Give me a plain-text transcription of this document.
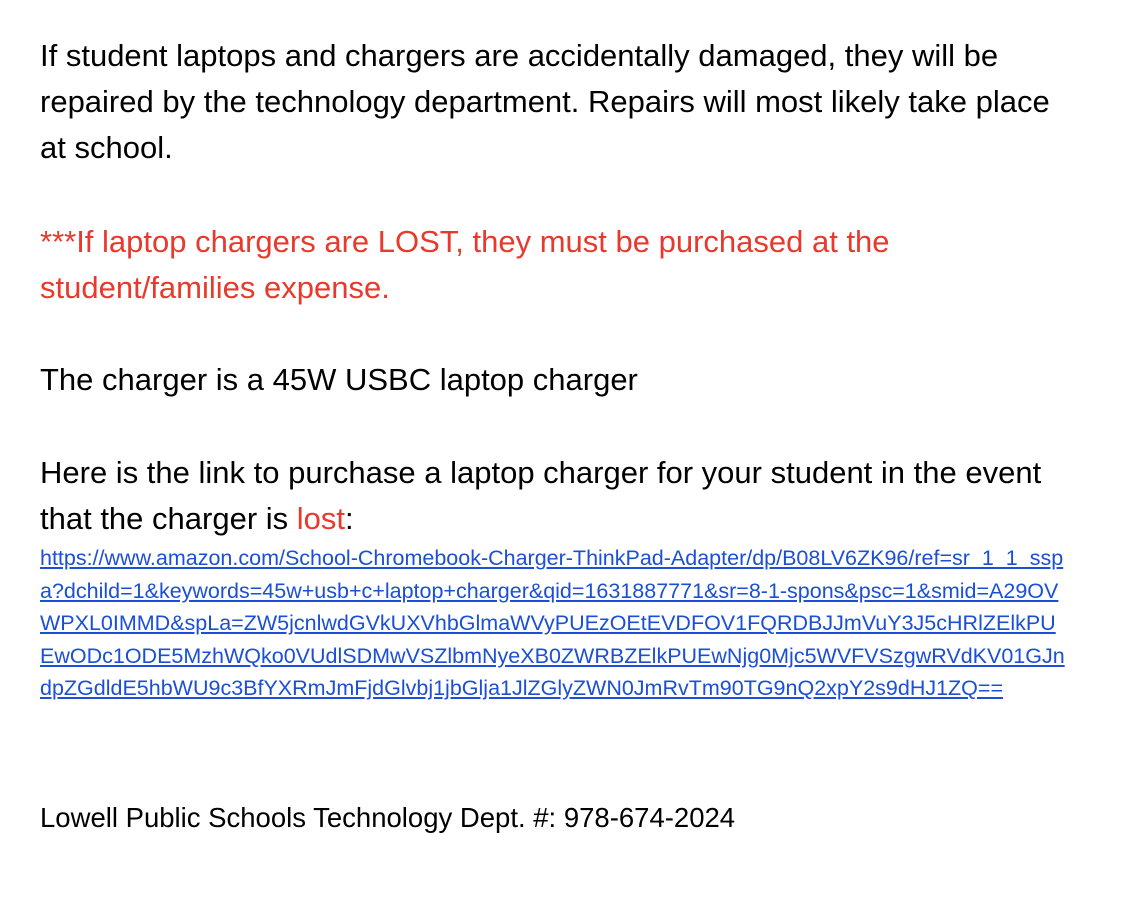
If student laptops and chargers are accidentally damaged, they will be repaired by the technology department. Repairs will most likely take place at school.

***If laptop chargers are LOST, they must be purchased at the student/families expense.

The charger is a 45W USBC laptop charger

Here is the link to purchase a laptop charger for your student in the event that the charger is lost:

https://www.amazon.com/School-Chromebook-Charger-ThinkPad-Adapter/dp/B08LV6ZK96/ref=sr_1_1_sspa?dchild=1&keywords=45w+usb+c+laptop+charger&qid=1631887771&sr=8-1-spons&psc=1&smid=A29OVWPXL0IMMD&spLa=ZW5jcnlwdGVkUXVhbGlmaWVyPUEzOEtEVDFOV1FQRDBJJmVuY3J5cHRlZElkPUEwODc1ODE5MzhWQko0VUdlSDMwVSZlbmNyeXB0ZWRBZElkPUEwNjg0Mjc5WVFVSzgwRVdKV01GJndpZGdldE5hbWU9c3BfYXRmJmFjdGlvbj1jbGlja1JlZGlyZWN0JmRvTm90TG9nQ2xpY2s9dHJ1ZQ==

Lowell Public Schools Technology Dept. #: 978-674-2024
